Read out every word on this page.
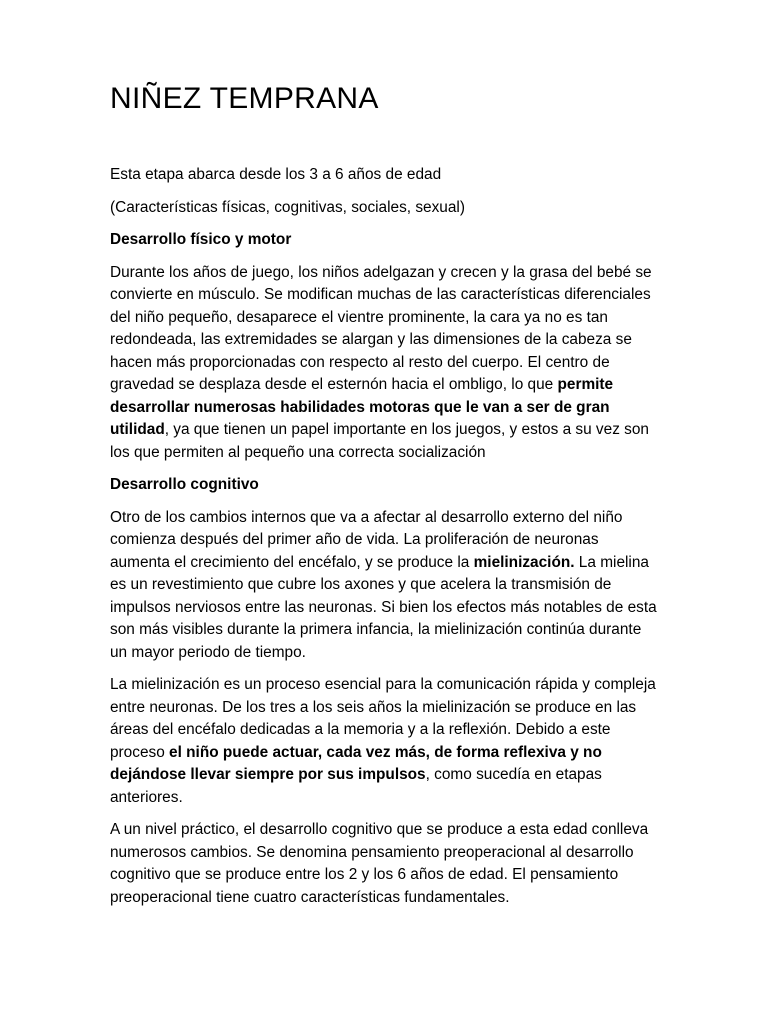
NIÑEZ TEMPRANA

Esta etapa abarca desde los 3 a 6 años de edad

(Características físicas, cognitivas, sociales, sexual)

Desarrollo físico y motor

Durante los años de juego, los niños adelgazan y crecen y la grasa del bebé se convierte en músculo. Se modifican muchas de las características diferenciales del niño pequeño, desaparece el vientre prominente, la cara ya no es tan redondeada, las extremidades se alargan y las dimensiones de la cabeza se hacen más proporcionadas con respecto al resto del cuerpo. El centro de gravedad se desplaza desde el esternón hacia el ombligo, lo que permite desarrollar numerosas habilidades motoras que le van a ser de gran utilidad, ya que tienen un papel importante en los juegos, y estos a su vez son los que permiten al pequeño una correcta socialización

Desarrollo cognitivo

Otro de los cambios internos que va a afectar al desarrollo externo del niño comienza después del primer año de vida. La proliferación de neuronas aumenta el crecimiento del encéfalo, y se produce la mielinización. La mielina es un revestimiento que cubre los axones y que acelera la transmisión de impulsos nerviosos entre las neuronas. Si bien los efectos más notables de esta son más visibles durante la primera infancia, la mielinización continúa durante un mayor periodo de tiempo.

La mielinización es un proceso esencial para la comunicación rápida y compleja entre neuronas. De los tres a los seis años la mielinización se produce en las áreas del encéfalo dedicadas a la memoria y a la reflexión. Debido a este proceso el niño puede actuar, cada vez más, de forma reflexiva y no dejándose llevar siempre por sus impulsos, como sucedía en etapas anteriores.

A un nivel práctico, el desarrollo cognitivo que se produce a esta edad conlleva numerosos cambios. Se denomina pensamiento preoperacional al desarrollo cognitivo que se produce entre los 2 y los 6 años de edad. El pensamiento preoperacional tiene cuatro características fundamentales.
